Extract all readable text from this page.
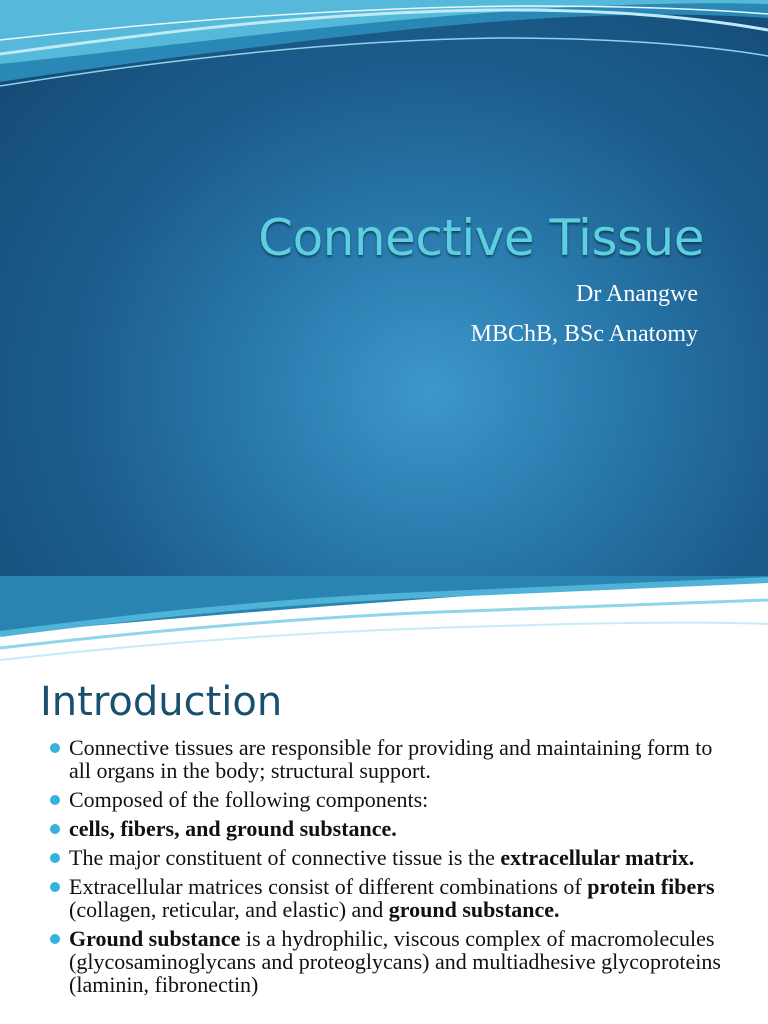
Connective Tissue
Dr Anangwe
MBChB, BSc Anatomy
Introduction
Connective tissues are responsible for providing and maintaining form to all organs in the body; structural support.
Composed of the following components:
cells, fibers, and ground substance.
The major constituent of connective tissue is the extracellular matrix.
Extracellular matrices consist of different combinations of protein fibers (collagen, reticular, and elastic) and ground substance.
Ground substance is a hydrophilic, viscous complex of macromolecules (glycosaminoglycans and proteoglycans) and multiadhesive glycoproteins (laminin, fibronectin)
